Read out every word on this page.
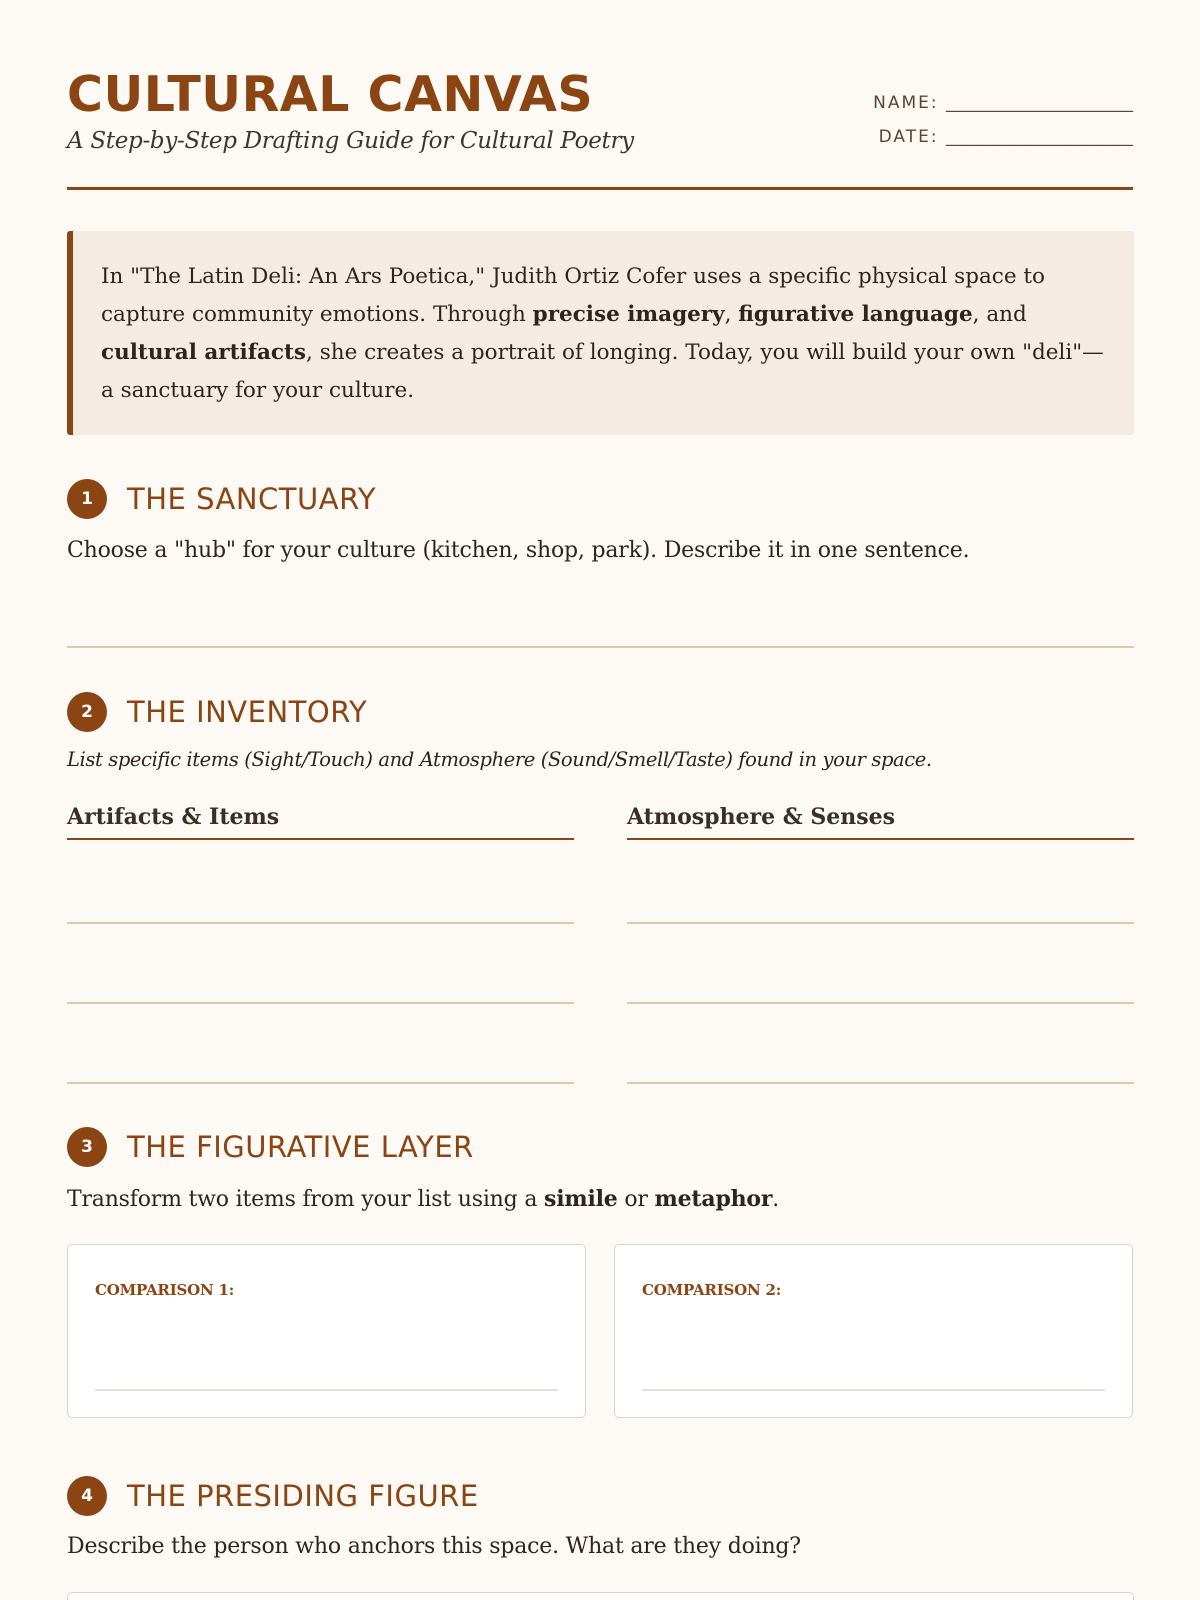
CULTURAL CANVAS
A Step-by-Step Drafting Guide for Cultural Poetry
NAME: ______________________
DATE: ______________________
In "The Latin Deli: An Ars Poetica," Judith Ortiz Cofer uses a specific physical space to capture community emotions. Through precise imagery, figurative language, and cultural artifacts, she creates a portrait of longing. Today, you will build your own "deli"—a sanctuary for your culture.
1	THE SANCTUARY
Choose a "hub" for your culture (kitchen, shop, park). Describe it in one sentence.
2	THE INVENTORY
List specific items (Sight/Touch) and Atmosphere (Sound/Smell/Taste) found in your space.
Artifacts & Items	Atmosphere & Senses
3	THE FIGURATIVE LAYER
Transform two items from your list using a simile or metaphor.
COMPARISON 1:	COMPARISON 2:
4	THE PRESIDING FIGURE
Describe the person who anchors this space. What are they doing?
